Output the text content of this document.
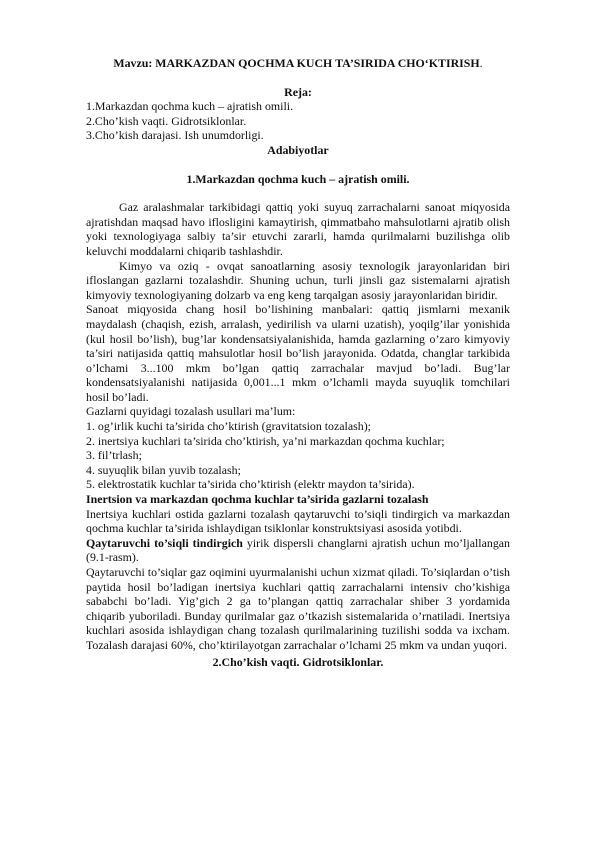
Mavzu: MARKAZDAN QOCHMA KUCH TA’SIRIDA CHO‘KTIRISH.
Reja:
1.Markazdan qochma kuch – ajratish omili.
2.Cho’kish vaqti. Gidrotsiklonlar.
3.Cho’kish darajasi. Ish unumdorligi.
Adabiyotlar
1.Markazdan qochma kuch – ajratish omili.

Gaz aralashmalar tarkibidagi qattiq yoki suyuq zarrachalarni sanoat miqyosida ajratishdan maqsad havo iflosligini kamaytirish, qimmatbaho mahsulotlarni ajratib olish yoki texnologiyaga salbiy ta’sir etuvchi zararli, hamda qurilmalarni buzilishga olib keluvchi moddalarni chiqarib tashlashdir.

Kimyo va oziq - ovqat sanoatlarning asosiy texnologik jarayonlaridan biri ifloslangan gazlarni tozalashdir. Shuning uchun, turli jinsli gaz sistemalarni ajratish kimyoviy texnologiyaning dolzarb va eng keng tarqalgan asosiy jarayonlaridan biridir.

Sanoat miqyosida chang hosil bo’lishining manbalari: qattiq jismlarni mexanik maydalash (chaqish, ezish, arralash, yedirilish va ularni uzatish), yoqilg’ilar yonishida (kul hosil bo’lish), bug’lar kondensatsiyalanishida, hamda gazlarning o’zaro kimyoviy ta’siri natijasida qattiq mahsulotlar hosil bo’lish jarayonida. Odatda, changlar tarkibida o’lchami 3...100 mkm bo’lgan qattiq zarrachalar mavjud bo’ladi. Bug’lar kondensatsiyalanishi natijasida 0,001...1 mkm o’lchamli mayda suyuqlik tomchilari hosil bo’ladi.

Gazlarni quyidagi tozalash usullari ma’lum:

1. og’irlik kuchi ta’sirida cho’ktirish (gravitatsion tozalash);

2. inertsiya kuchlari ta’sirida cho’ktirish, ya’ni markazdan qochma kuchlar;

3. fil’trlash;

4. suyuqlik bilan yuvib tozalash;

5. elektrostatik kuchlar ta’sirida cho’ktirish (elektr maydon ta’sirida).

Inertsion va markazdan qochma kuchlar ta’sirida gazlarni tozalash

Inertsiya kuchlari ostida gazlarni tozalash qaytaruvchi to’siqli tindirgich va markazdan qochma kuchlar ta’sirida ishlaydigan tsiklonlar konstruktsiyasi asosida yotibdi.

Qaytaruvchi to’siqli tindirgich yirik dispersli changlarni ajratish uchun mo’ljallangan (9.1-rasm).

Qaytaruvchi to’siqlar gaz oqimini uyurmalanishi uchun xizmat qiladi. To’siqlardan o’tish paytida hosil bo’ladigan inertsiya kuchlari qattiq zarrachalarni intensiv cho’kishiga sababchi bo’ladi. Yig’gich 2 ga to’plangan qattiq zarrachalar shiber 3 yordamida chiqarib yuboriladi. Bunday qurilmalar gaz o’tkazish sistemalarida o’rnatiladi. Inertsiya kuchlari asosida ishlaydigan chang tozalash qurilmalarining tuzilishi sodda va ixcham. Tozalash darajasi 60%, cho’ktirilayotgan zarrachalar o’lchami 25 mkm va undan yuqori.

2.Cho’kish vaqti. Gidrotsiklonlar.
